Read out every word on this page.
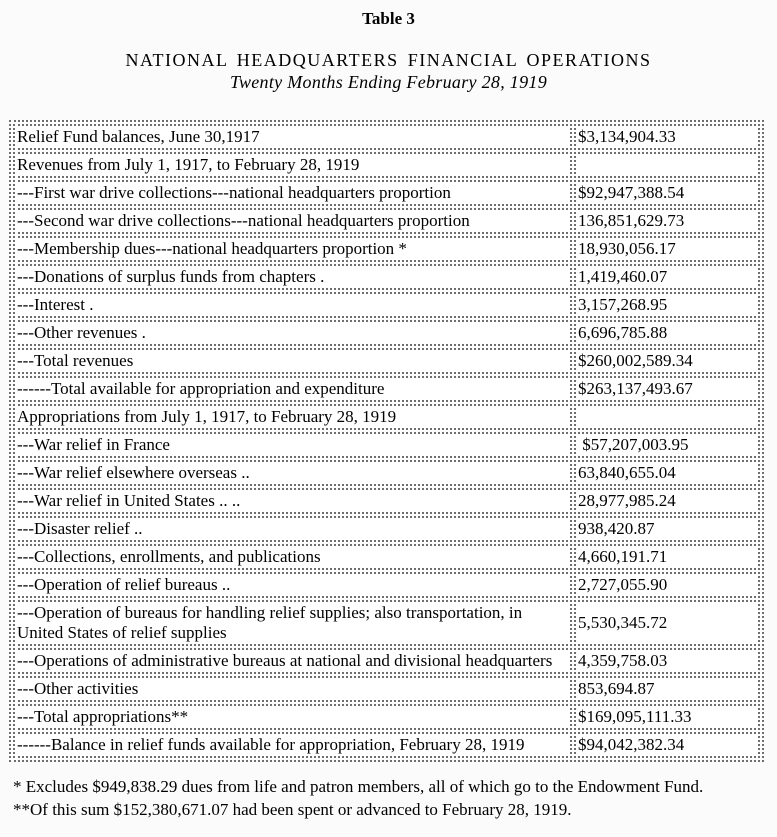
Table 3
NATIONAL HEADQUARTERS FINANCIAL OPERATIONS
Twenty Months Ending February 28, 1919
Relief Fund balances, June 30,1917	$3,134,904.33
Revenues from July 1, 1917, to February 28, 1919	
---First war drive collections---national headquarters proportion	$92,947,388.54
---Second war drive collections---national headquarters proportion	136,851,629.73
---Membership dues---national headquarters proportion *	18,930,056.17
---Donations of surplus funds from chapters .	1,419,460.07
---Interest .	3,157,268.95
---Other revenues .	6,696,785.88
---Total revenues	$260,002,589.34
------Total available for appropriation and expenditure	$263,137,493.67
Appropriations from July 1, 1917, to February 28, 1919	
---War relief in France	$57,207,003.95
---War relief elsewhere overseas ..	63,840,655.04
---War relief in United States .. ..	28,977,985.24
---Disaster relief ..	938,420.87
---Collections, enrollments, and publications	4,660,191.71
---Operation of relief bureaus ..	2,727,055.90
---Operation of bureaus for handling relief supplies; also transportation, in United States of relief supplies	5,530,345.72
---Operations of administrative bureaus at national and divisional headquarters	4,359,758.03
---Other activities	853,694.87
---Total appropriations**	$169,095,111.33
------Balance in relief funds available for appropriation, February 28, 1919	$94,042,382.34
* Excludes $949,838.29 dues from life and patron members, all of which go to the Endowment Fund.
**Of this sum $152,380,671.07 had been spent or advanced to February 28, 1919.
